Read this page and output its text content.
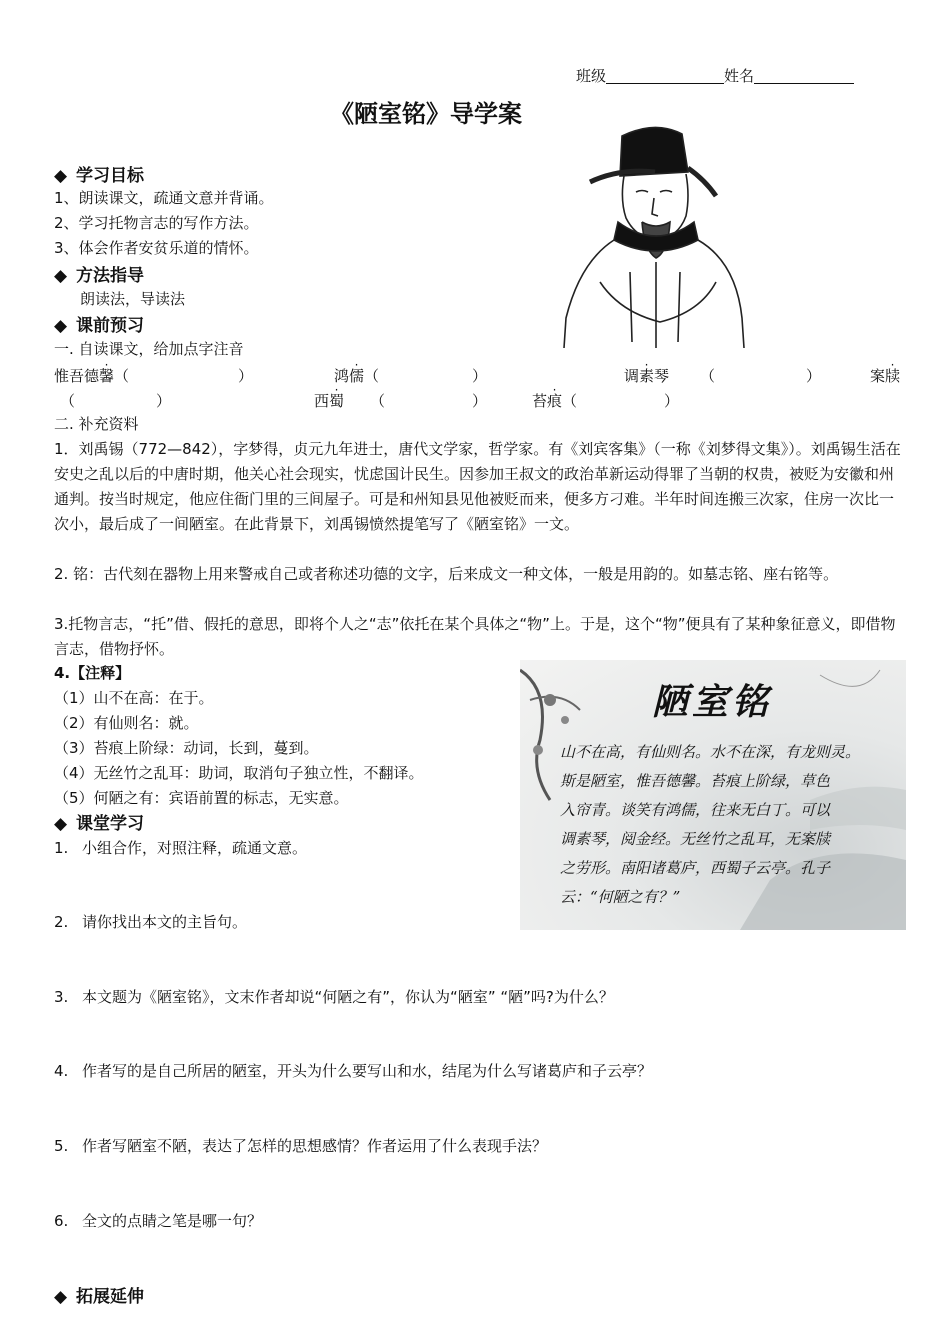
班级	姓名
《陋室铭》导学案
◆ 学习目标
1、朗读课文，疏通文意并背诵。
2、学习托物言志的写作方法。
3、体会作者安贫乐道的情怀。
◆ 方法指导
朗读法，导读法
◆ 课前预习
一. 自读课文，给加点字注音
惟吾德馨（	）	鸿儒（	）	调素琴 （	）	案牍
（	）	西蜀 （	）	苔痕（	）
二. 补充资料
1．刘禹锡（772—842），字梦得，贞元九年进士，唐代文学家，哲学家。有《刘宾客集》（一称《刘梦得文集》）。刘禹锡生活在安史之乱以后的中唐时期，他关心社会现实，忧虑国计民生。因参加王叔文的政治革新运动得罪了当朝的权贵，被贬为安徽和州通判。按当时规定，他应住衙门里的三间屋子。可是和州知县见他被贬而来，便多方刁难。半年时间连搬三次家，住房一次比一次小，最后成了一间陋室。在此背景下，刘禹锡愤然提笔写了《陋室铭》一文。
2. 铭：古代刻在器物上用来警戒自己或者称述功德的文字，后来成文一种文体，一般是用韵的。如墓志铭、座右铭等。
3.托物言志，“托”借、假托的意思，即将个人之“志”依托在某个具体之“物”上。于是，这个“物”便具有了某种象征意义，即借物言志，借物抒怀。
4.【注释】
（1）山不在高：在于。
（2）有仙则名：就。
（3）苔痕上阶绿：动词，长到，蔓到。
（4）无丝竹之乱耳：助词，取消句子独立性，不翻译。
（5）何陋之有：宾语前置的标志，无实意。
陋室铭
山不在高，有仙则名。水不在深，有龙则灵。
斯是陋室，惟吾德馨。苔痕上阶绿，草色
入帘青。谈笑有鸿儒，往来无白丁。可以
调素琴，阅金经。无丝竹之乱耳，无案牍
之劳形。南阳诸葛庐，西蜀子云亭。孔子
云：“何陋之有？”
◆ 课堂学习
1. 小组合作，对照注释，疏通文意。
2. 请你找出本文的主旨句。
3. 本文题为《陋室铭》，文末作者却说“何陋之有”，你认为“陋室” “陋”吗?为什么？
4. 作者写的是自己所居的陋室，开头为什么要写山和水，结尾为什么写诸葛庐和子云亭？
5. 作者写陋室不陋，表达了怎样的思想感情？作者运用了什么表现手法？
6. 全文的点睛之笔是哪一句？
◆ 拓展延伸
